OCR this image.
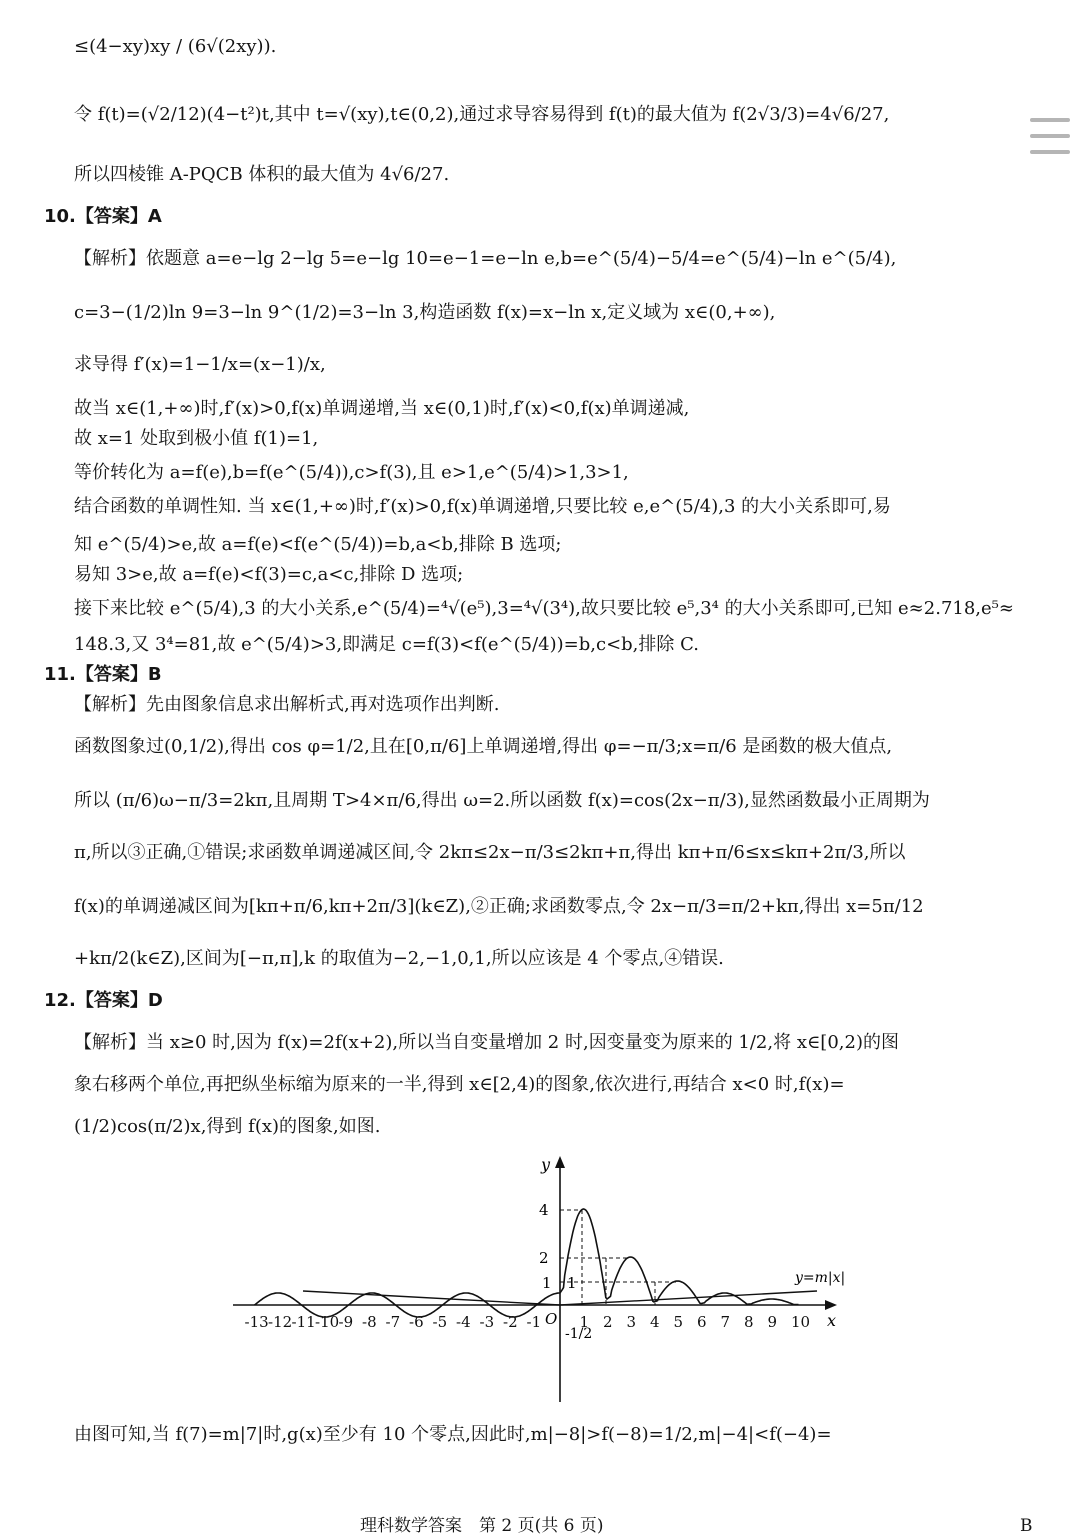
≤(4−xy)xy / (6√(2xy)).
令 f(t)=(√2/12)(4−t²)t,其中 t=√(xy),t∈(0,2),通过求导容易得到 f(t)的最大值为 f(2√3/3)=4√6/27,
所以四棱锥 A-PQCB 体积的最大值为 4√6/27.
10.【答案】A
【解析】依题意 a=e−lg 2−lg 5=e−lg 10=e−1=e−ln e,b=e^(5/4)−5/4=e^(5/4)−ln e^(5/4),
c=3−(1/2)ln 9=3−ln 9^(1/2)=3−ln 3,构造函数 f(x)=x−ln x,定义域为 x∈(0,+∞),
求导得 f′(x)=1−1/x=(x−1)/x,
故当 x∈(1,+∞)时,f′(x)>0,f(x)单调递增,当 x∈(0,1)时,f′(x)<0,f(x)单调递减,
故 x=1 处取到极小值 f(1)=1,
等价转化为 a=f(e),b=f(e^(5/4)),c>f(3),且 e>1,e^(5/4)>1,3>1,
结合函数的单调性知. 当 x∈(1,+∞)时,f′(x)>0,f(x)单调递增,只要比较 e,e^(5/4),3 的大小关系即可,易
知 e^(5/4)>e,故 a=f(e)<f(e^(5/4))=b,a<b,排除 B 选项;
易知 3>e,故 a=f(e)<f(3)=c,a<c,排除 D 选项;
接下来比较 e^(5/4),3 的大小关系,e^(5/4)=⁴√(e⁵),3=⁴√(3⁴),故只要比较 e⁵,3⁴ 的大小关系即可,已知 e≈2.718,e⁵≈
148.3,又 3⁴=81,故 e^(5/4)>3,即满足 c=f(3)<f(e^(5/4))=b,c<b,排除 C.
11.【答案】B
【解析】先由图象信息求出解析式,再对选项作出判断.
函数图象过(0,1/2),得出 cos φ=1/2,且在[0,π/6]上单调递增,得出 φ=−π/3;x=π/6 是函数的极大值点,
所以 (π/6)ω−π/3=2kπ,且周期 T>4×π/6,得出 ω=2.所以函数 f(x)=cos(2x−π/3),显然函数最小正周期为
π,所以③正确,①错误;求函数单调递减区间,令 2kπ≤2x−π/3≤2kπ+π,得出 kπ+π/6≤x≤kπ+2π/3,所以
f(x)的单调递减区间为[kπ+π/6,kπ+2π/3](k∈Z),②正确;求函数零点,令 2x−π/3=π/2+kπ,得出 x=5π/12
+kπ/2(k∈Z),区间为[−π,π],k 的取值为−2,−1,0,1,所以应该是 4 个零点,④错误.
12.【答案】D
【解析】当 x≥0 时,因为 f(x)=2f(x+2),所以当自变量增加 2 时,因变量变为原来的 1/2,将 x∈[0,2)的图
象右移两个单位,再把纵坐标缩为原来的一半,得到 x∈[2,4)的图象,依次进行,再结合 x<0 时,f(x)=
(1/2)cos(π/2)x,得到 f(x)的图象,如图.
y
x
O
4
2
1 1
-1/2
y=m|x|
-13 -12 -11 -10 -9 -8 -7 -6 -5 -4 -3 -2 -1	1 2 3 4 5 6 7 8 9 10
由图可知,当 f(7)=m|7|时,g(x)至少有 10 个零点,因此时,m|−8|>f(−8)=1/2,m|−4|<f(−4)=
理科数学答案　第 2 页(共 6 页)	B
